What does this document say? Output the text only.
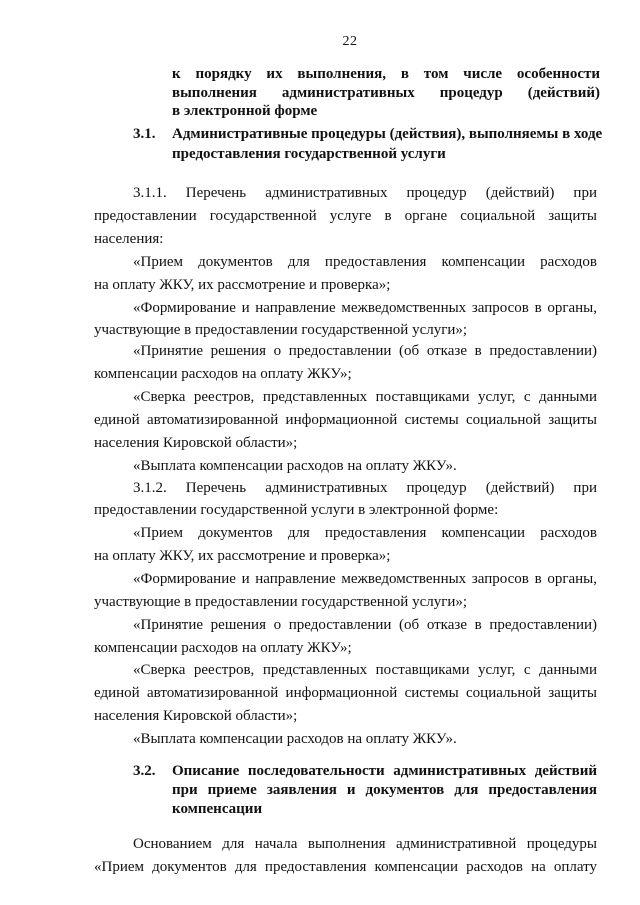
22
к порядку их выполнения, в том числе особенности
выполнения административных процедур (действий)
в электронной форме
3.1. Административные процедуры (действия), выполняемы в ходе
предоставления государственной услуги
3.1.1. Перечень административных процедур (действий) при
предоставлении государственной услуге в органе социальной защиты
населения:
«Прием документов для предоставления компенсации расходов
на оплату ЖКУ, их рассмотрение и проверка»;
«Формирование и направление межведомственных запросов в органы,
участвующие в предоставлении государственной услуги»;
«Принятие решения о предоставлении (об отказе в предоставлении)
компенсации расходов на оплату ЖКУ»;
«Сверка реестров, представленных поставщиками услуг, с данными
единой автоматизированной информационной системы социальной защиты
населения Кировской области»;
«Выплата компенсации расходов на оплату ЖКУ».
3.1.2. Перечень административных процедур (действий) при
предоставлении государственной услуги в электронной форме:
«Прием документов для предоставления компенсации расходов
на оплату ЖКУ, их рассмотрение и проверка»;
«Формирование и направление межведомственных запросов в органы,
участвующие в предоставлении государственной услуги»;
«Принятие решения о предоставлении (об отказе в предоставлении)
компенсации расходов на оплату ЖКУ»;
«Сверка реестров, представленных поставщиками услуг, с данными
единой автоматизированной информационной системы социальной защиты
населения Кировской области»;
«Выплата компенсации расходов на оплату ЖКУ».
3.2. Описание последовательности административных действий
при приеме заявления и документов для предоставления
компенсации
Основанием для начала выполнения административной процедуры
«Прием документов для предоставления компенсации расходов на оплату
